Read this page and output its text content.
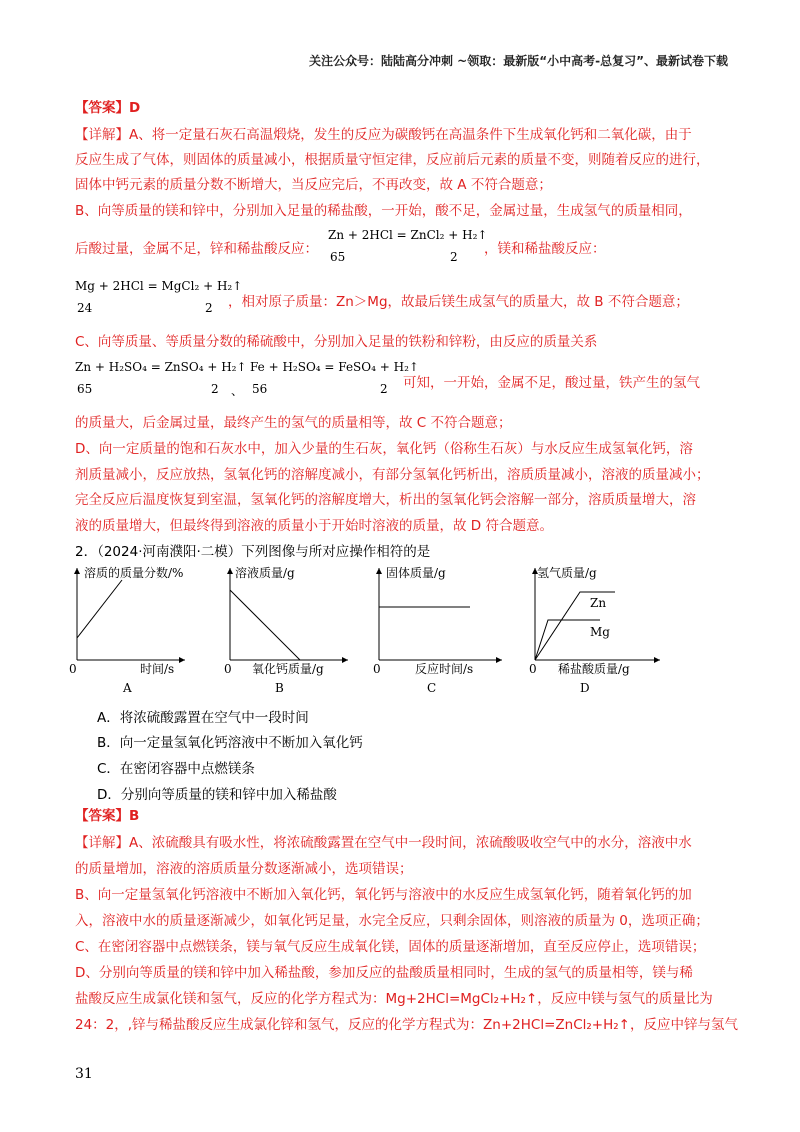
关注公众号：陆陆高分冲刺 ~领取：最新版“小中高考-总复习”、最新试卷下载
【答案】D
【详解】A、将一定量石灰石高温煅烧，发生的反应为碳酸钙在高温条件下生成氧化钙和二氧化碳，由于
反应生成了气体，则固体的质量减小，根据质量守恒定律，反应前后元素的质量不变，则随着反应的进行，
固体中钙元素的质量分数不断增大，当反应完后，不再改变，故 A 不符合题意；
B、向等质量的镁和锌中，分别加入足量的稀盐酸，一开始，酸不足，金属过量，生成氢气的质量相同，
后酸过量，金属不足，锌和稀盐酸反应：
Zn + 2HCl = ZnCl₂ + H₂↑
65	2 ，镁和稀盐酸反应：
Mg + 2HCl = MgCl₂ + H₂↑
24	2 ，相对原子质量：Zn＞Mg，故最后镁生成氢气的质量大，故 B 不符合题意；
C、向等质量、等质量分数的稀硫酸中，分别加入足量的铁粉和锌粉，由反应的质量关系
Zn + H₂SO₄ = ZnSO₄ + H₂↑
65	2 、
Fe + H₂SO₄ = FeSO₄ + H₂↑
56	2 可知，一开始，金属不足，酸过量，铁产生的氢气
的质量大，后金属过量，最终产生的氢气的质量相等，故 C 不符合题意；
D、向一定质量的饱和石灰水中，加入少量的生石灰，氧化钙（俗称生石灰）与水反应生成氢氧化钙，溶
剂质量减小，反应放热，氢氧化钙的溶解度减小，有部分氢氧化钙析出，溶质质量减小，溶液的质量减小；
完全反应后温度恢复到室温，氢氧化钙的溶解度增大，析出的氢氧化钙会溶解一部分，溶质质量增大，溶
液的质量增大，但最终得到溶液的质量小于开始时溶液的质量，故 D 符合题意。
2．（2024·河南濮阳·二模）下列图像与所对应操作相符的是
溶质的质量分数/%
0	时间/s
A
溶液质量/g
0 氧化钙质量/g
B
固体质量/g
0	反应时间/s
C
氢气质量/g
Zn
Mg
0 稀盐酸质量/g
D
A．将浓硫酸露置在空气中一段时间
B．向一定量氢氧化钙溶液中不断加入氧化钙
C．在密闭容器中点燃镁条
D．分别向等质量的镁和锌中加入稀盐酸
【答案】B
【详解】A、浓硫酸具有吸水性，将浓硫酸露置在空气中一段时间，浓硫酸吸收空气中的水分，溶液中水
的质量增加，溶液的溶质质量分数逐渐减小，选项错误；
B、向一定量氢氧化钙溶液中不断加入氧化钙，氧化钙与溶液中的水反应生成氢氧化钙，随着氧化钙的加
入，溶液中水的质量逐渐减少，如氧化钙足量，水完全反应，只剩余固体，则溶液的质量为 0，选项正确；
C、在密闭容器中点燃镁条，镁与氧气反应生成氧化镁，固体的质量逐渐增加，直至反应停止，选项错误；
D、分别向等质量的镁和锌中加入稀盐酸，参加反应的盐酸质量相同时，生成的氢气的质量相等，镁与稀
盐酸反应生成氯化镁和氢气，反应的化学方程式为：Mg+2HCl=MgCl₂+H₂↑，反应中镁与氢气的质量比为
24：2，,锌与稀盐酸反应生成氯化锌和氢气，反应的化学方程式为：Zn+2HCl=ZnCl₂+H₂↑，反应中锌与氢气
31
